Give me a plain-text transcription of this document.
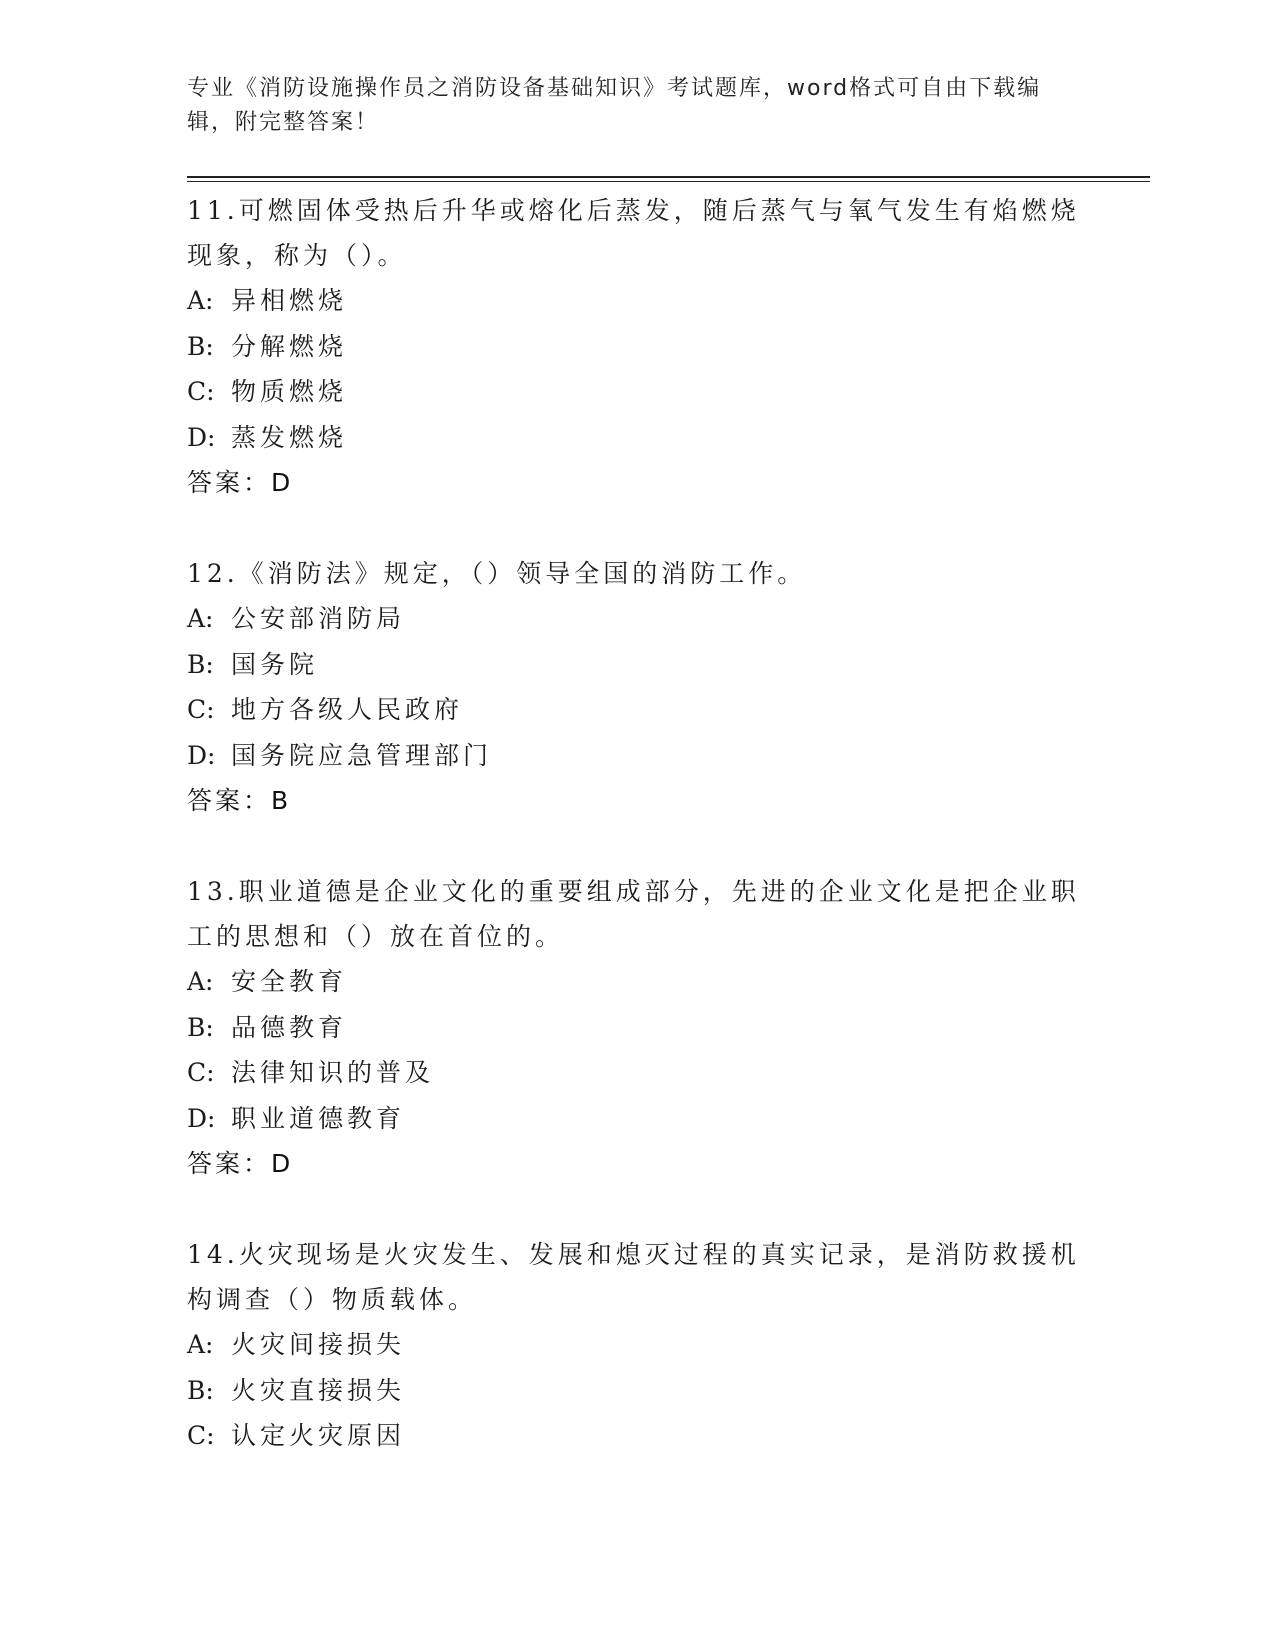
专业《消防设施操作员之消防设备基础知识》考试题库，word格式可自由下载编辑，附完整答案！

11.可燃固体受热后升华或熔化后蒸发，随后蒸气与氧气发生有焰燃烧现象，称为（）。

A: 异相燃烧
B: 分解燃烧
C: 物质燃烧
D: 蒸发燃烧
答案：D

12.《消防法》规定，（）领导全国的消防工作。

A: 公安部消防局
B: 国务院
C: 地方各级人民政府
D: 国务院应急管理部门
答案：B

13.职业道德是企业文化的重要组成部分，先进的企业文化是把企业职工的思想和（）放在首位的。

A: 安全教育
B: 品德教育
C: 法律知识的普及
D: 职业道德教育
答案：D

14.火灾现场是火灾发生、发展和熄灭过程的真实记录，是消防救援机构调查（）物质载体。

A: 火灾间接损失
B: 火灾直接损失
C: 认定火灾原因
